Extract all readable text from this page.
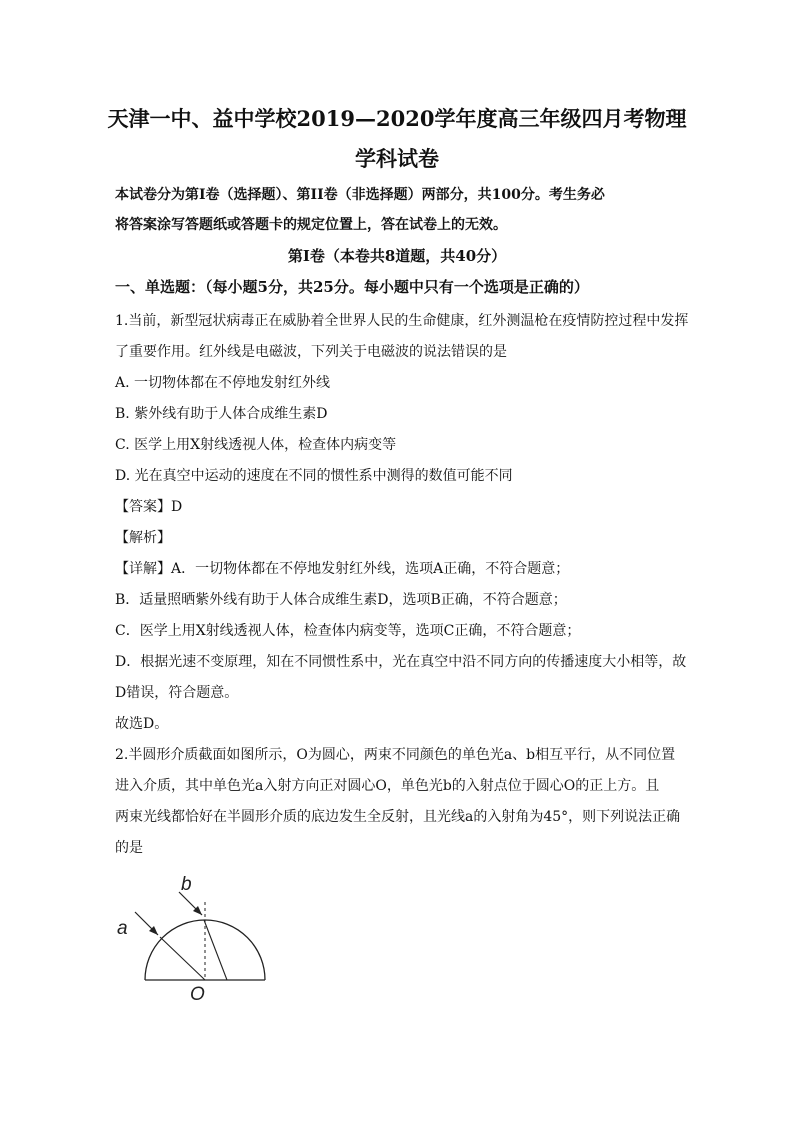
天津一中、益中学校2019—2020学年度高三年级四月考物理
学科试卷
本试卷分为第I卷（选择题）、第II卷（非选择题）两部分，共100分。考生务必
将答案涂写答题纸或答题卡的规定位置上，答在试卷上的无效。
第I卷（本卷共8道题，共40分）
一、单选题：（每小题5分，共25分。每小题中只有一个选项是正确的）
1.当前，新型冠状病毒正在威胁着全世界人民的生命健康，红外测温枪在疫情防控过程中发挥
了重要作用。红外线是电磁波，下列关于电磁波的说法错误的是
A. 一切物体都在不停地发射红外线
B. 紫外线有助于人体合成维生素D
C. 医学上用X射线透视人体，检查体内病变等
D. 光在真空中运动的速度在不同的惯性系中测得的数值可能不同
【答案】D
【解析】
【详解】A．一切物体都在不停地发射红外线，选项A正确，不符合题意；
B．适量照晒紫外线有助于人体合成维生素D，选项B正确，不符合题意；
C．医学上用X射线透视人体，检查体内病变等，选项C正确，不符合题意；
D．根据光速不变原理，知在不同惯性系中，光在真空中沿不同方向的传播速度大小相等，故
D错误，符合题意。
故选D。
2.半圆形介质截面如图所示，O为圆心，两束不同颜色的单色光a、b相互平行，从不同位置
进入介质，其中单色光a入射方向正对圆心O，单色光b的入射点位于圆心O的正上方。且
两束光线都恰好在半圆形介质的底边发生全反射，且光线a的入射角为45°，则下列说法正确
的是
a
b
O
